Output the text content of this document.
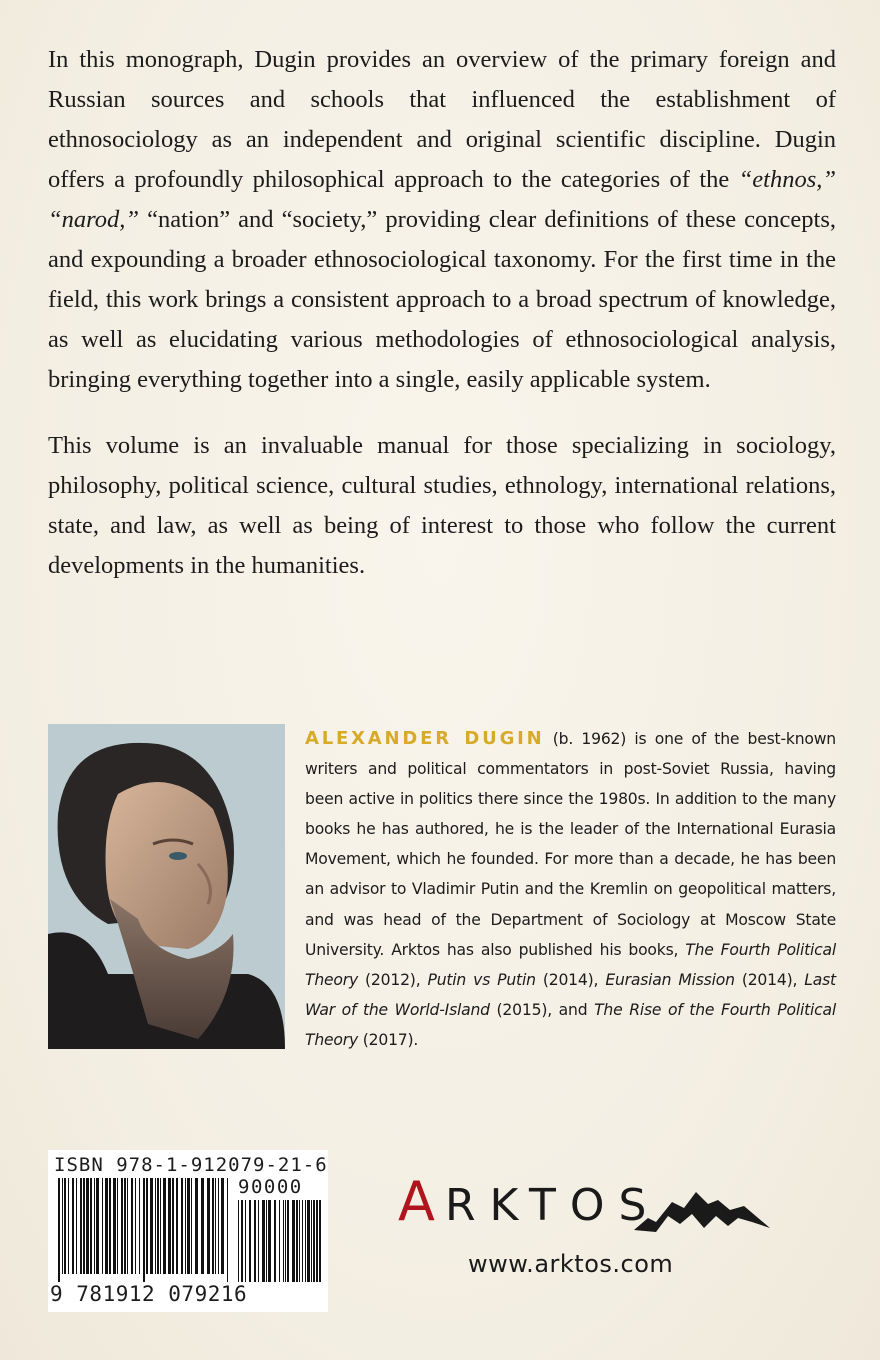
In this monograph, Dugin provides an overview of the primary foreign and Russian sources and schools that influenced the establishment of ethnosociology as an independent and original scientific discipline. Dugin offers a profoundly philosophical approach to the categories of the “ethnos,” “narod,” “nation” and “society,” providing clear definitions of these concepts, and expounding a broader ethnosociological taxonomy. For the first time in the field, this work brings a consistent approach to a broad spectrum of knowledge, as well as elucidating various methodologies of ethnosociological analysis, bringing everything together into a single, easily applicable system.

This volume is an invaluable manual for those specializing in sociology, philosophy, political science, cultural studies, ethnology, international relations, state, and law, as well as being of interest to those who follow the current developments in the humanities.

ALEXANDER DUGIN (b. 1962) is one of the best-known writers and political commentators in post-Soviet Russia, having been active in politics there since the 1980s. In addition to the many books he has authored, he is the leader of the International Eurasia Movement, which he founded. For more than a decade, he has been an advisor to Vladimir Putin and the Kremlin on geopolitical matters, and was head of the Department of Sociology at Moscow State University. Arktos has also published his books, The Fourth Political Theory (2012), Putin vs Putin (2014), Eurasian Mission (2014), Last War of the World-Island (2015), and The Rise of the Fourth Political Theory (2017).
ISBN 978-1-912079-21-6
90000
9 781912 079216
ARKTOS
www.arktos.com
